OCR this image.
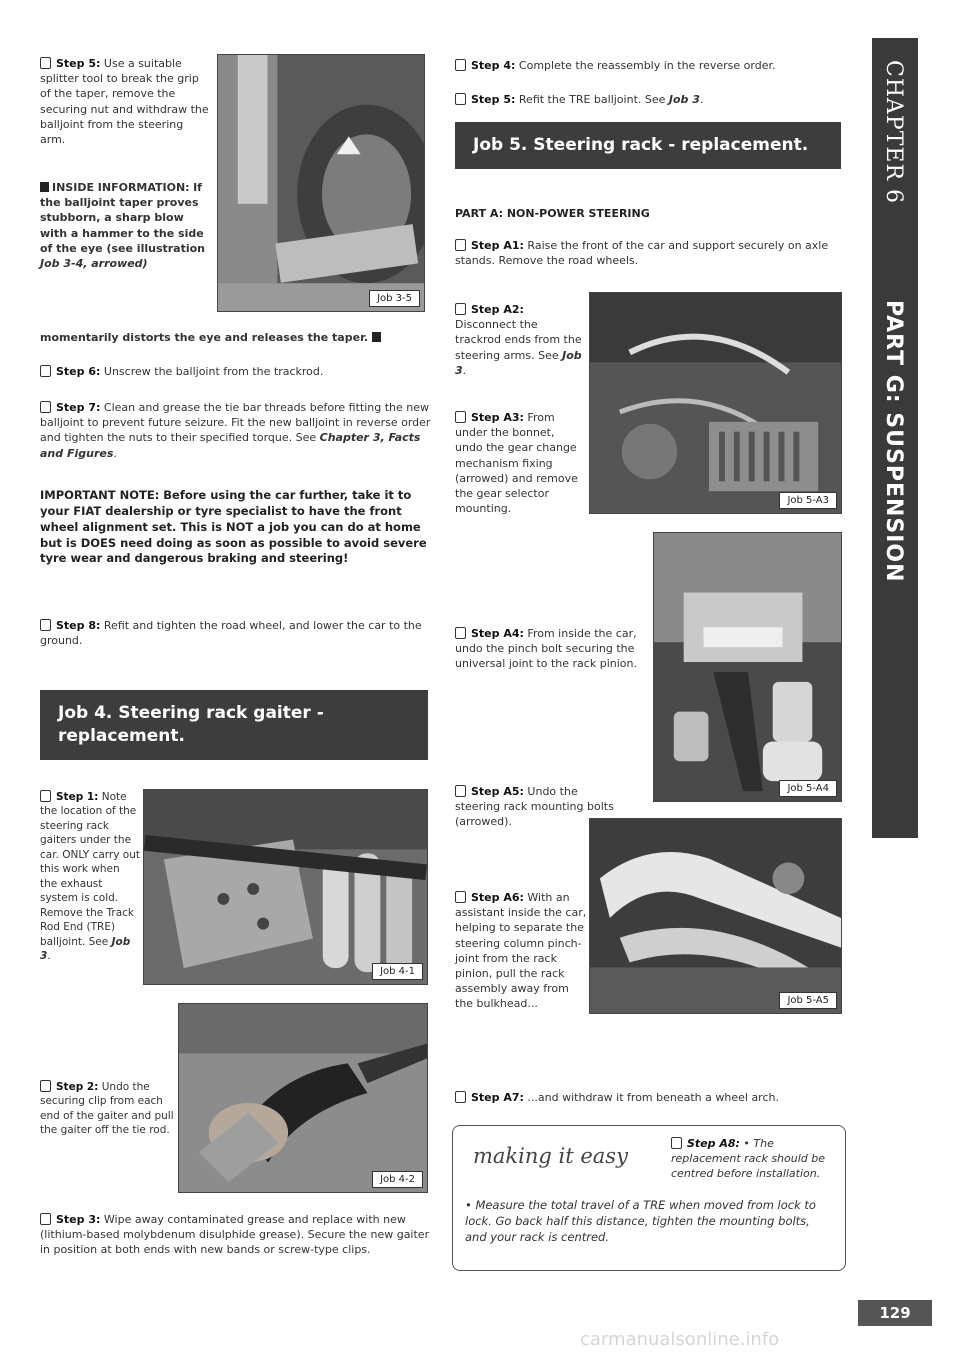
Job 3-5
Step 5: Use a suitable splitter tool to break the grip of the taper, remove the securing nut and withdraw the balljoint from the steering arm.
INSIDE INFORMATION: If the balljoint taper proves stubborn, a sharp blow with a hammer to the side of the eye (see illustration Job 3-4, arrowed)
momentarily distorts the eye and releases the taper.
Step 6: Unscrew the balljoint from the trackrod.
Step 7: Clean and grease the tie bar threads before fitting the new balljoint to prevent future seizure. Fit the new balljoint in reverse order and tighten the nuts to their specified torque. See Chapter 3, Facts and Figures.
IMPORTANT NOTE: Before using the car further, take it to your FIAT dealership or tyre specialist to have the front wheel alignment set. This is NOT a job you can do at home but is DOES need doing as soon as possible to avoid severe tyre wear and dangerous braking and steering!
Step 8: Refit and tighten the road wheel, and lower the car to the ground.
Job 4. Steering rack gaiter - replacement.
Job 4-1
Step 1: Note the location of the steering rack gaiters under the car. ONLY carry out this work when the exhaust system is cold. Remove the Track Rod End (TRE) balljoint. See Job 3.
Job 4-2
Step 2: Undo the securing clip from each end of the gaiter and pull the gaiter off the tie rod.
Step 3: Wipe away contaminated grease and replace with new (lithium-based molybdenum disulphide grease). Secure the new gaiter in position at both ends with new bands or screw-type clips.
Step 4: Complete the reassembly in the reverse order.
Step 5: Refit the TRE balljoint. See Job 3.
Job 5. Steering rack - replacement.
PART A: NON-POWER STEERING
Step A1: Raise the front of the car and support securely on axle stands. Remove the road wheels.
Job 5-A3
Step A2: Disconnect the trackrod ends from the steering arms. See Job 3.
Step A3: From under the bonnet, undo the gear change mechanism fixing (arrowed) and remove the gear selector mounting.
Job 5-A4
Step A4: From inside the car, undo the pinch bolt securing the universal joint to the rack pinion.
Step A5: Undo the steering rack mounting bolts (arrowed).
Job 5-A5
Step A6: With an assistant inside the car, helping to separate the steering column pinch-joint from the rack pinion, pull the rack assembly away from the bulkhead...
Step A7: ...and withdraw it from beneath a wheel arch.
making it easy
Step A8: • The replacement rack should be centred before installation.
• Measure the total travel of a TRE when moved from lock to lock. Go back half this distance, tighten the mounting bolts, and your rack is centred.
CHAPTER 6
PART G: SUSPENSION
129
carmanualsonline.info
